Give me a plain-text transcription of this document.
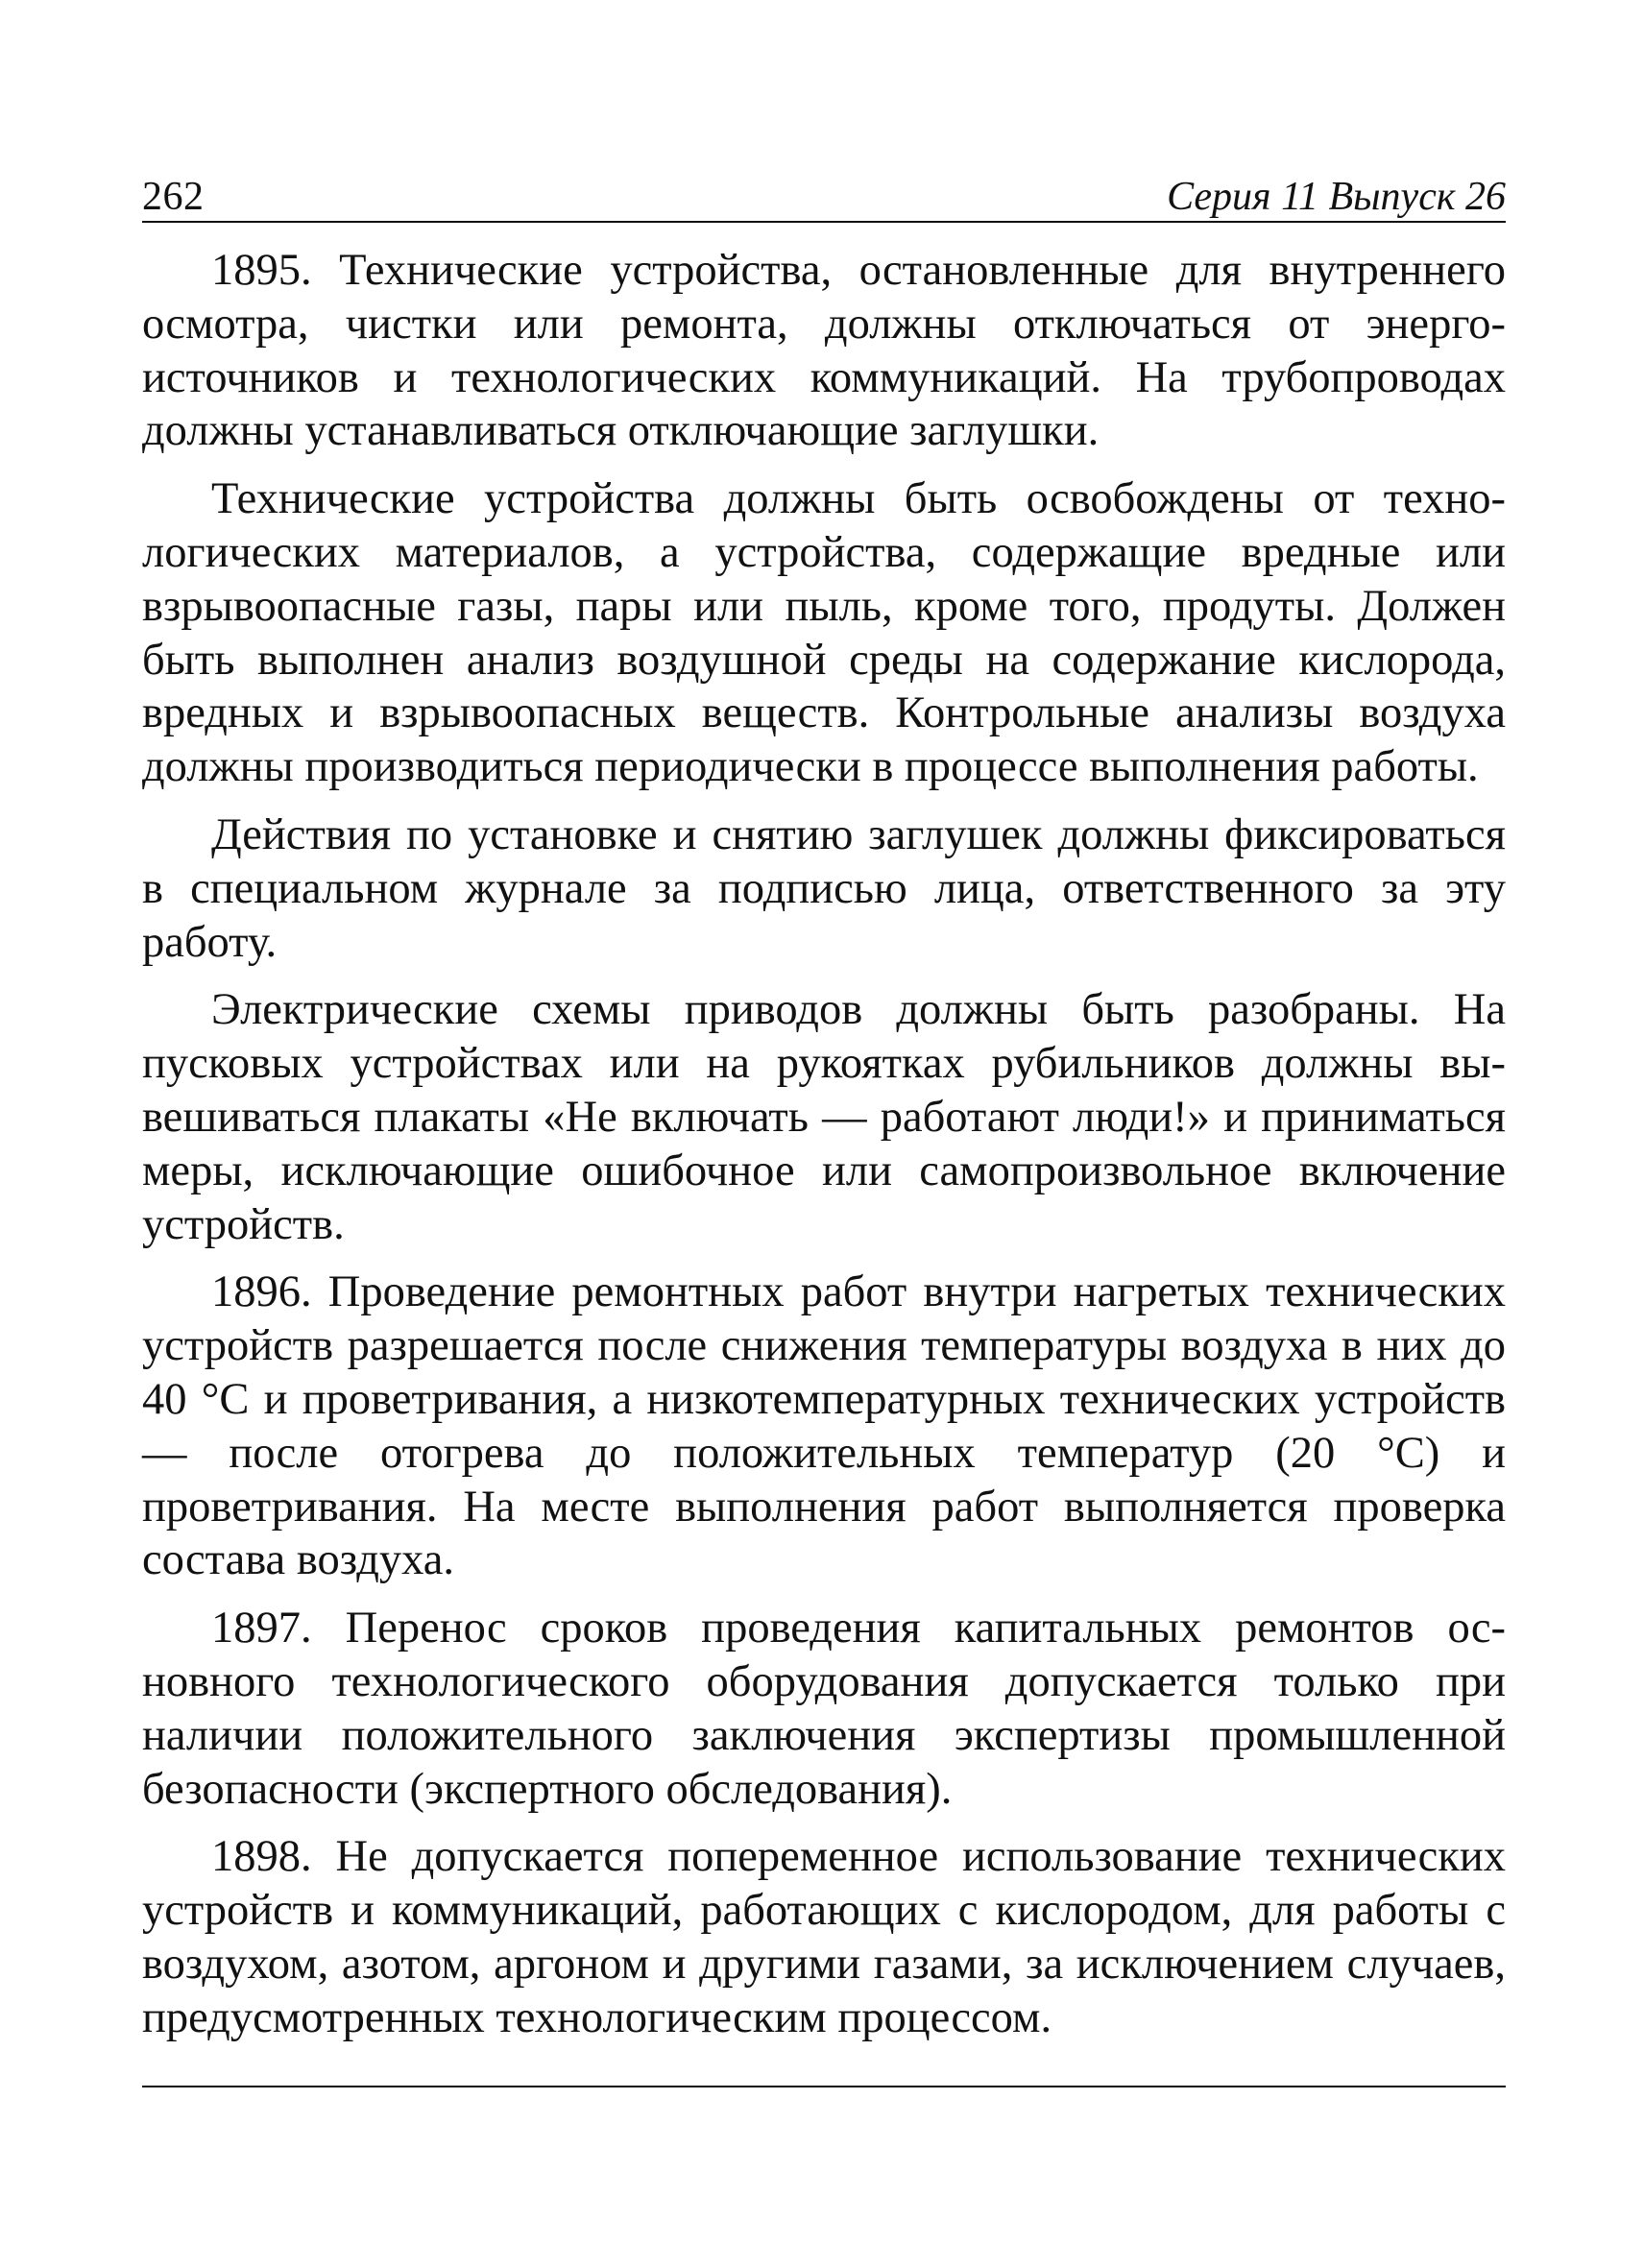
262	Серия 11 Выпуск 26

1895. Технические устройства, остановленные для внутреннего осмотра, чистки или ремонта, должны отключаться от энергоисточников и технологических коммуникаций. На трубопроводах должны устанавливаться отключающие заглушки.

Технические устройства должны быть освобождены от технологических материалов, а устройства, содержащие вредные или взрывоопасные газы, пары или пыль, кроме того, продуты. Должен быть выполнен анализ воздушной среды на содержание кислорода, вредных и взрывоопасных веществ. Контрольные анализы воздуха должны производиться периодически в процессе выполнения работы.

Действия по установке и снятию заглушек должны фиксироваться в специальном журнале за подписью лица, ответственного за эту работу.

Электрические схемы приводов должны быть разобраны. На пусковых устройствах или на рукоятках рубильников должны вывешиваться плакаты «Не включать — работают люди!» и приниматься меры, исключающие ошибочное или самопроизвольное включение устройств.

1896. Проведение ремонтных работ внутри нагретых технических устройств разрешается после снижения температуры воздуха в них до 40 °С и проветривания, а низкотемпературных технических устройств — после отогрева до положительных температур (20 °С) и проветривания. На месте выполнения работ выполняется проверка состава воздуха.

1897. Перенос сроков проведения капитальных ремонтов основного технологического оборудования допускается только при наличии положительного заключения экспертизы промышленной безопасности (экспертного обследования).

1898. Не допускается попеременное использование технических устройств и коммуникаций, работающих с кислородом, для работы с воздухом, азотом, аргоном и другими газами, за исключением случаев, предусмотренных технологическим процессом.
